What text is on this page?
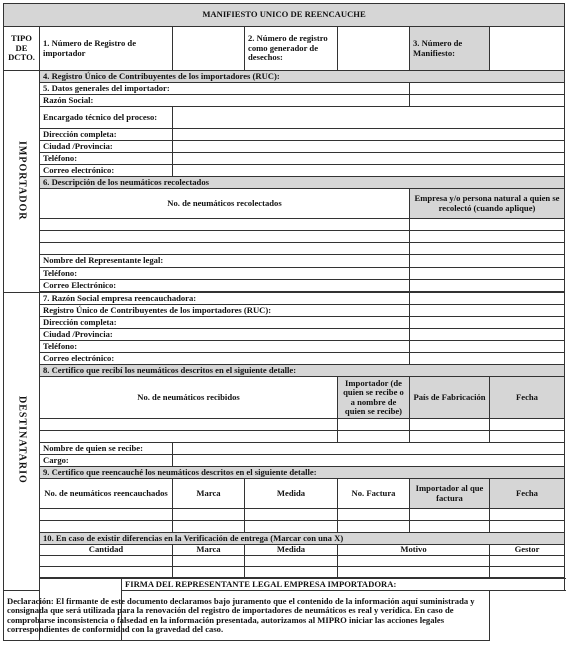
MANIFIESTO UNICO DE REENCAUCHE								
TIPO DE DCTO.	1. Número de Registro de importador			2. Número de registro como generador de desechos:		3. Número de Manifiesto:		
IMPORTADOR	4. Registro Único de Contribuyentes de los importadores (RUC):							
	5. Datos generales del importador:							
	Razón Social:							
	Encargado técnico del proceso:							
	Dirección completa:							
	Ciudad /Provincia:							
	Teléfono:							
	Correo electrónico:							
	6. Descripción de los neumáticos recolectados							
	No. de neumáticos recolectados					Empresa y/o persona natural a quien se recolectó (cuando aplique)	

	Nombre del Representante legal:							
	Teléfono:							
	Correo Electrónico:							

DESTINATARIO	7. Razón Social empresa reencauchadora:							
	Registro Único de Contribuyentes de los importadores (RUC):							
	Dirección completa:							
	Ciudad /Provincia:							
	Teléfono:							
	Correo electrónico:							
	8. Certifico que recibí los neumáticos descritos en el siguiente detalle:							
	No. de neumáticos recibidos				Importador (de quien se recibe o a nombre de quien se recibe)	País de Fabricación	Fecha	

	Nombre de quien se recibe:							
	Cargo:							
	9. Certifico que reencauché los neumáticos descritos en el siguiente detalle:							
	No. de neumáticos reencauchados		Marca	Medida	No. Factura	Importador al que factura	Fecha	

	10. En caso de existir diferencias en la Verificación de entrega (Marcar con una X)							
	Cantidad		Marca	Medida	Motivo		Gestor	

		FIRMA DEL REPRESENTANTE LEGAL EMPRESA IMPORTADORA:						
Declaración: El firmante de este documento declaramos bajo juramento que el contenido de la información aquí suministrada y consignada que será utilizada para la renovación del registro de importadores de neumáticos es real y verídica. En caso de comprobarse inconsistencia o falsedad en la información presentada, autorizamos al MIPRO iniciar las acciones legales correspondientes de conformidad con la gravedad del caso.								
